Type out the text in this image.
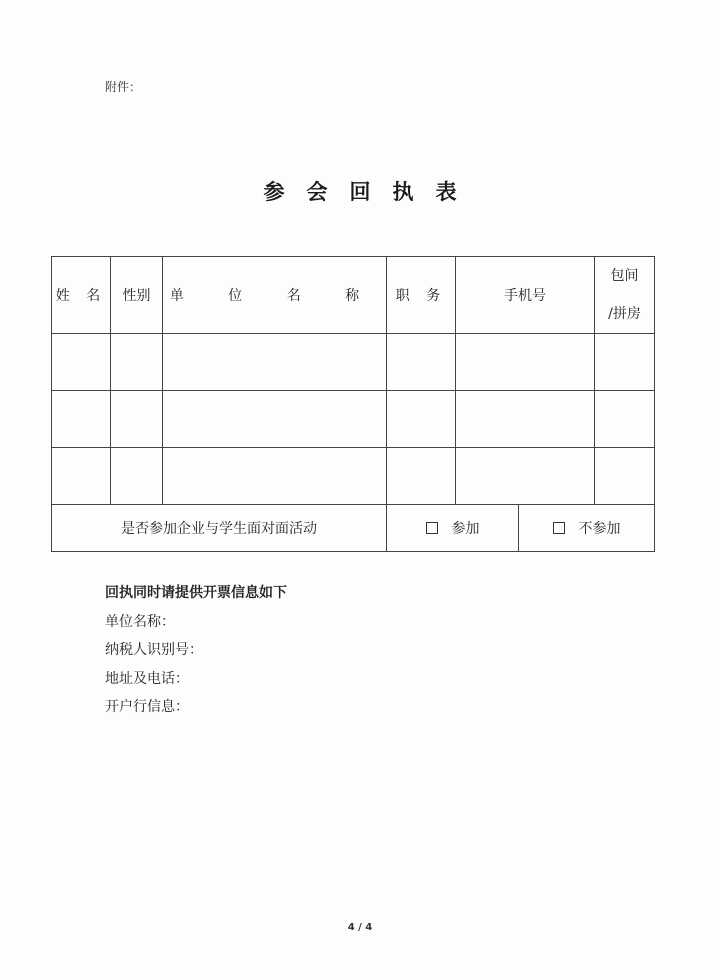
附件：
参会回执表
姓 名	性别	单 位 名 称	职 务	手机号		包间
/拼房

是否参加企业与学生面对面活动			参加		不参加	
回执同时请提供开票信息如下
单位名称：
纳税人识别号：
地址及电话：
开户行信息：
4 / 4
